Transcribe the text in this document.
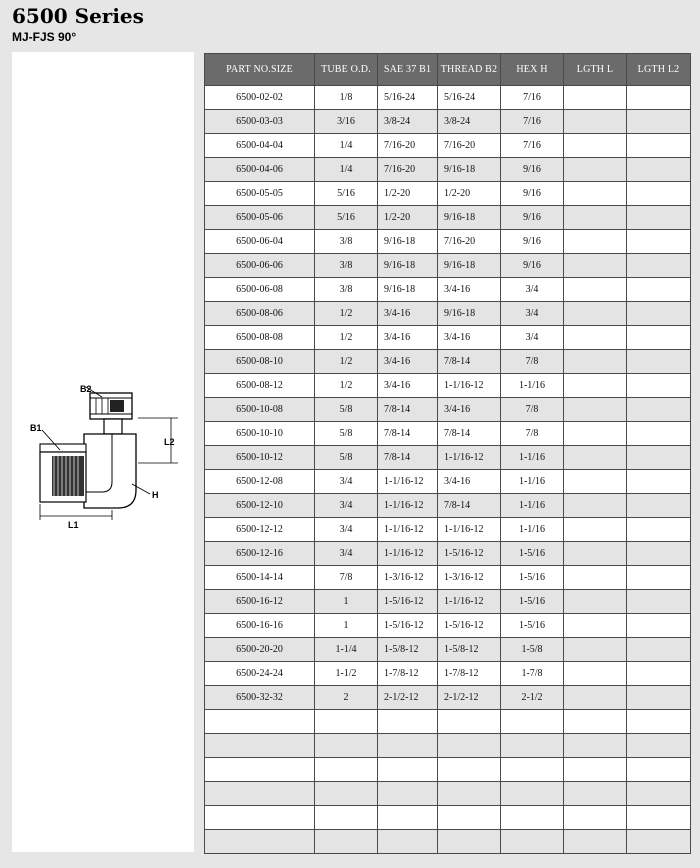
6500 Series
MJ-FJS 90°
B2
B1
L2
H
L1
PART NO.SIZE	TUBE O.D.	SAE 37 B1	THREAD B2	HEX H	LGTH L	LGTH L2
6500-02-02	1/8	5/16-24	5/16-24	7/16		
6500-03-03	3/16	3/8-24	3/8-24	7/16		
6500-04-04	1/4	7/16-20	7/16-20	7/16		
6500-04-06	1/4	7/16-20	9/16-18	9/16		
6500-05-05	5/16	1/2-20	1/2-20	9/16		
6500-05-06	5/16	1/2-20	9/16-18	9/16		
6500-06-04	3/8	9/16-18	7/16-20	9/16		
6500-06-06	3/8	9/16-18	9/16-18	9/16		
6500-06-08	3/8	9/16-18	3/4-16	3/4		
6500-08-06	1/2	3/4-16	9/16-18	3/4		
6500-08-08	1/2	3/4-16	3/4-16	3/4		
6500-08-10	1/2	3/4-16	7/8-14	7/8		
6500-08-12	1/2	3/4-16	1-1/16-12	1-1/16		
6500-10-08	5/8	7/8-14	3/4-16	7/8		
6500-10-10	5/8	7/8-14	7/8-14	7/8		
6500-10-12	5/8	7/8-14	1-1/16-12	1-1/16		
6500-12-08	3/4	1-1/16-12	3/4-16	1-1/16		
6500-12-10	3/4	1-1/16-12	7/8-14	1-1/16		
6500-12-12	3/4	1-1/16-12	1-1/16-12	1-1/16		
6500-12-16	3/4	1-1/16-12	1-5/16-12	1-5/16		
6500-14-14	7/8	1-3/16-12	1-3/16-12	1-5/16		
6500-16-12	1	1-5/16-12	1-1/16-12	1-5/16		
6500-16-16	1	1-5/16-12	1-5/16-12	1-5/16		
6500-20-20	1-1/4	1-5/8-12	1-5/8-12	1-5/8		
6500-24-24	1-1/2	1-7/8-12	1-7/8-12	1-7/8		
6500-32-32	2	2-1/2-12	2-1/2-12	2-1/2		
